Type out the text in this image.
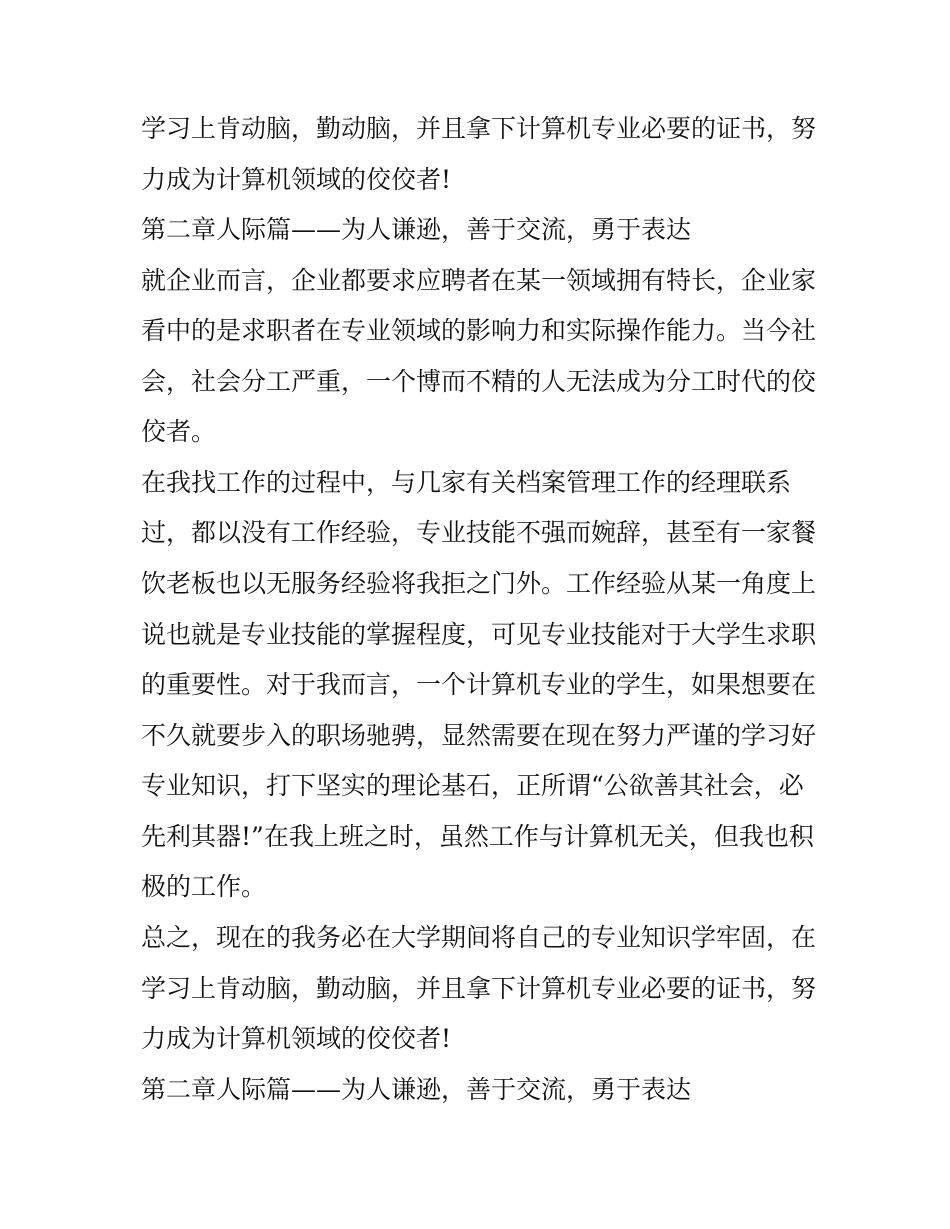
学习上肯动脑，勤动脑，并且拿下计算机专业必要的证书，努
力成为计算机领域的佼佼者!
第二章人际篇——为人谦逊，善于交流，勇于表达
就企业而言，企业都要求应聘者在某一领域拥有特长，企业家
看中的是求职者在专业领域的影响力和实际操作能力。当今社
会，社会分工严重，一个博而不精的人无法成为分工时代的佼
佼者。
在我找工作的过程中，与几家有关档案管理工作的经理联系
过，都以没有工作经验，专业技能不强而婉辞，甚至有一家餐
饮老板也以无服务经验将我拒之门外。工作经验从某一角度上
说也就是专业技能的掌握程度，可见专业技能对于大学生求职
的重要性。对于我而言，一个计算机专业的学生，如果想要在
不久就要步入的职场驰骋，显然需要在现在努力严谨的学习好
专业知识，打下坚实的理论基石，正所谓“公欲善其社会，必
先利其器!”在我上班之时，虽然工作与计算机无关，但我也积
极的工作。
总之，现在的我务必在大学期间将自己的专业知识学牢固，在
学习上肯动脑，勤动脑，并且拿下计算机专业必要的证书，努
力成为计算机领域的佼佼者!
第二章人际篇——为人谦逊，善于交流，勇于表达
